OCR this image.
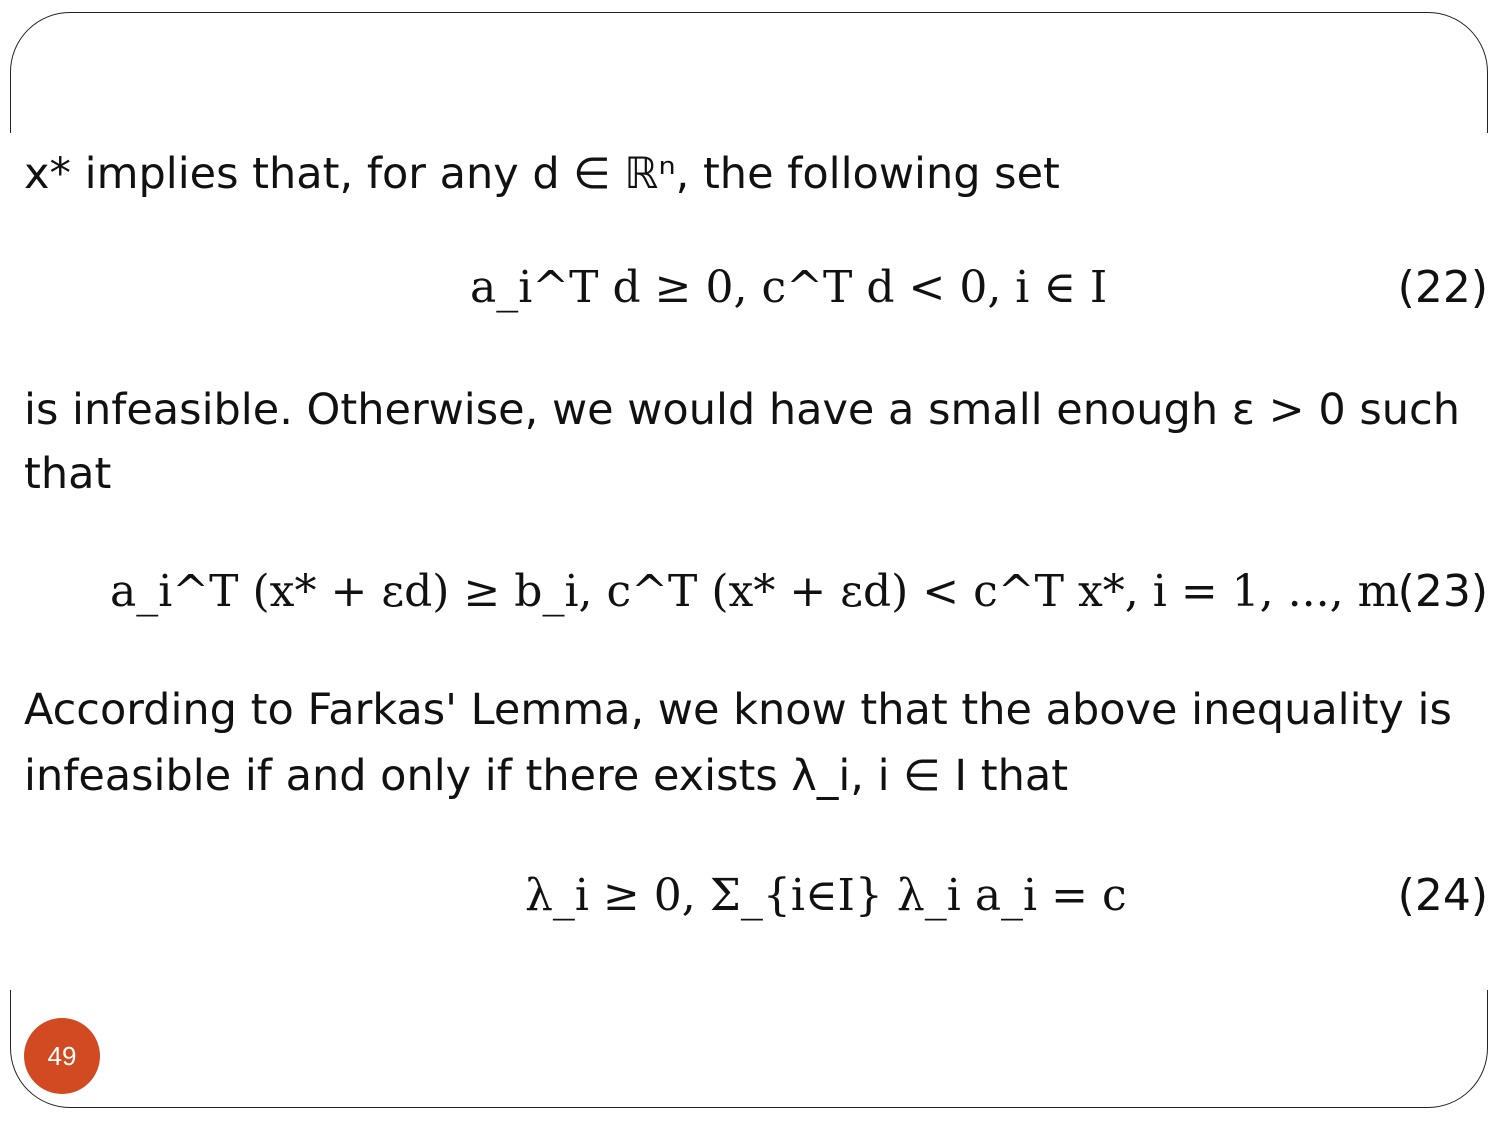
x* implies that, for any d ∈ ℝⁿ, the following set

a_i^T d ≥ 0, c^T d < 0, i ∈ I	(22)

is infeasible. Otherwise, we would have a small enough ε > 0 such

that

a_i^T (x* + εd) ≥ b_i, c^T (x* + εd) < c^T x*, i = 1, ..., m
(23)

According to Farkas' Lemma, we know that the above inequality is

infeasible if and only if there exists λ_i, i ∈ I that

λ_i ≥ 0, Σ_{i∈I} λ_i a_i = c	(24)
49
